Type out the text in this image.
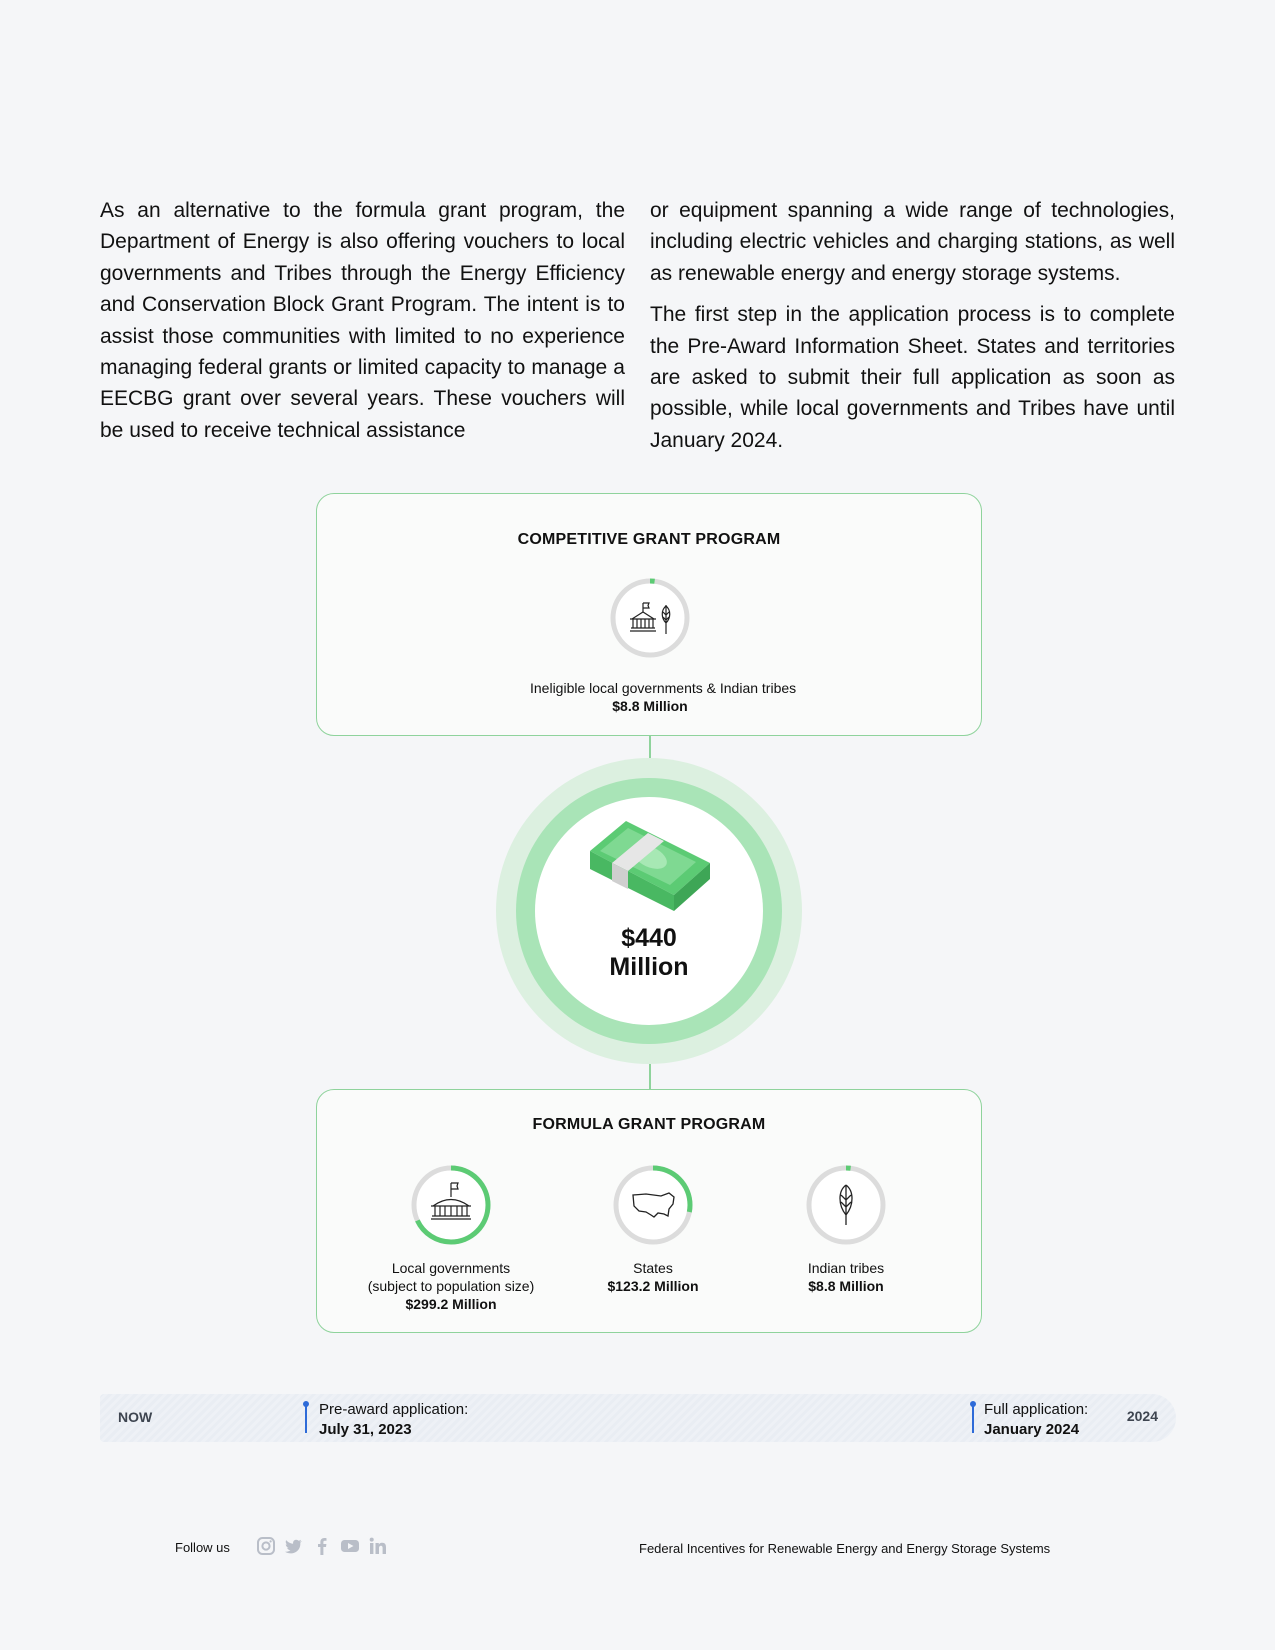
As an alternative to the formula grant program, the Department of Energy is also offering vouchers to local governments and Tribes through the Energy Efficiency and Conservation Block Grant Program. The intent is to assist those communities with limited to no experience managing federal grants or limited capacity to manage a EECBG grant over several years. These vouchers will be used to receive technical assistance

or equipment spanning a wide range of technologies, including electric vehicles and charging stations, as well as renewable energy and energy storage systems.

The first step in the application process is to complete the Pre-Award Information Sheet. States and territories are asked to submit their full application as soon as possible, while local governments and Tribes have until January 2024.

COMPETITIVE GRANT PROGRAM
Ineligible local governments & Indian tribes
$8.8 Million
$440
Million
FORMULA GRANT PROGRAM
Local governments
(subject to population size)
$299.2 Million
States
$123.2 Million
Indian tribes
$8.8 Million
NOW	Pre-award application:
July 31, 2023
Full application:
January 2024
2024
Follow us	Federal Incentives for Renewable Energy and Energy Storage Systems
